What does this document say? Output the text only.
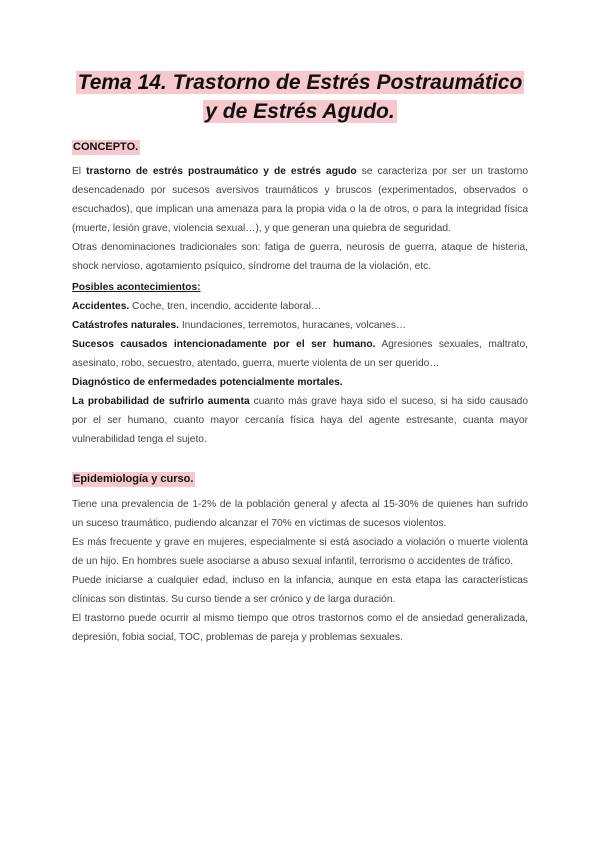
Tema 14. Trastorno de Estrés Postraumático
y de Estrés Agudo.
CONCEPTO.

El trastorno de estrés postraumático y de estrés agudo se caracteriza por ser un trastorno desencadenado por sucesos aversivos traumáticos y bruscos (experimentados, observados o escuchados), que implican una amenaza para la propia vida o la de otros, o para la integridad física (muerte, lesión grave, violencia sexual…), y que generan una quiebra de seguridad.

Otras denominaciones tradicionales son: fatiga de guerra, neurosis de guerra, ataque de histeria, shock nervioso, agotamiento psíquico, síndrome del trauma de la violación, etc.

Posibles acontecimientos:

Accidentes. Coche, tren, incendio, accidente laboral…

Catástrofes naturales. Inundaciones, terremotos, huracanes, volcanes…

Sucesos causados intencionadamente por el ser humano. Agresiones sexuales, maltrato, asesinato, robo, secuestro, atentado, guerra, muerte violenta de un ser querido…

Diagnóstico de enfermedades potencialmente mortales.

La probabilidad de sufrirlo aumenta cuanto más grave haya sido el suceso, si ha sido causado por el ser humano, cuanto mayor cercanía física haya del agente estresante, cuanta mayor vulnerabilidad tenga el sujeto.

Epidemiología y curso.

Tiene una prevalencia de 1-2% de la población general y afecta al 15-30% de quienes han sufrido un suceso traumático, pudiendo alcanzar el 70% en víctimas de sucesos violentos.

Es más frecuente y grave en mujeres, especialmente si está asociado a violación o muerte violenta de un hijo. En hombres suele asociarse a abuso sexual infantil, terrorismo o accidentes de tráfico.

Puede iniciarse a cualquier edad, incluso en la infancia, aunque en esta etapa las características clínicas son distintas. Su curso tiende a ser crónico y de larga duración.

El trastorno puede ocurrir al mismo tiempo que otros trastornos como el de ansiedad generalizada, depresión, fobia social, TOC, problemas de pareja y problemas sexuales.
